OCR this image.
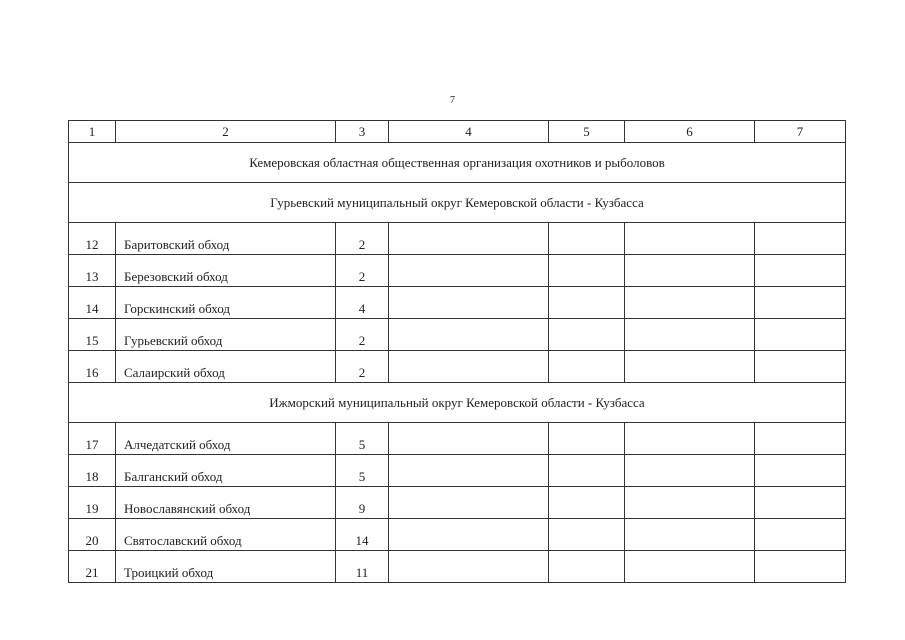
7
1	2	3	4	5	6	7
Кемеровская областная общественная организация охотников и рыболовов						
Гурьевский муниципальный округ Кемеровской области - Кузбасса						
12	Баритовский обход	2				
13	Березовский обход	2				
14	Горскинский обход	4				
15	Гурьевский обход	2				
16	Салаирский обход	2				
Ижморский муниципальный округ Кемеровской области - Кузбасса						
17	Алчедатский обход	5				
18	Балганский обход	5				
19	Новославянский обход	9				
20	Святославский обход	14				
21	Троицкий обход	11				
